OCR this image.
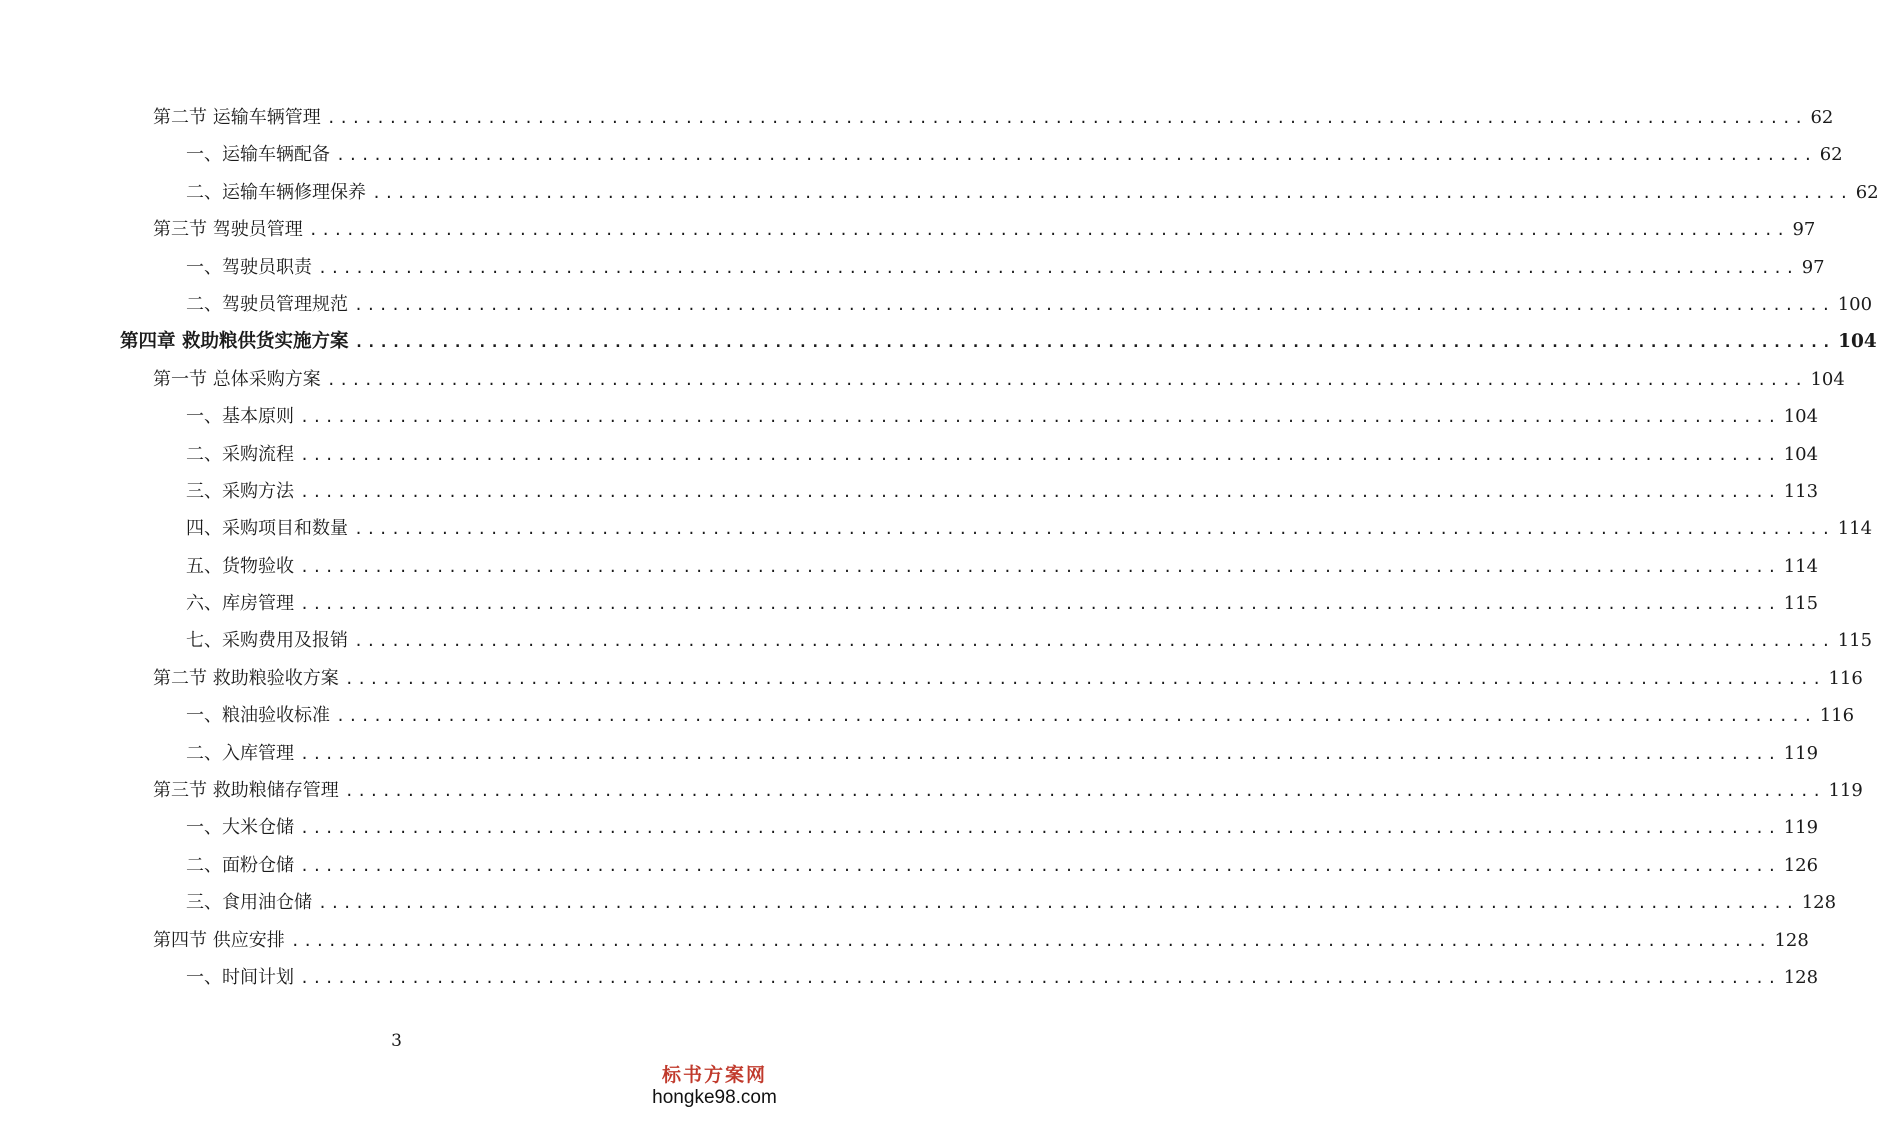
第二节 运输车辆管理 ........................................................................................................................ 62
一、运输车辆配备 ........................................................................................................................ 62
二、运输车辆修理保养 ........................................................................................................................ 62
第三节 驾驶员管理 ........................................................................................................................ 97
一、驾驶员职责 ........................................................................................................................ 97
二、驾驶员管理规范 ........................................................................................................................ 100
第四章 救助粮供货实施方案 ........................................................................................................................ 104
第一节 总体采购方案 ........................................................................................................................ 104
一、基本原则 ........................................................................................................................ 104
二、采购流程 ........................................................................................................................ 104
三、采购方法 ........................................................................................................................ 113
四、采购项目和数量 ........................................................................................................................ 114
五、货物验收 ........................................................................................................................ 114
六、库房管理 ........................................................................................................................ 115
七、采购费用及报销 ........................................................................................................................ 115
第二节 救助粮验收方案 ........................................................................................................................ 116
一、粮油验收标准 ........................................................................................................................ 116
二、入库管理 ........................................................................................................................ 119
第三节 救助粮储存管理 ........................................................................................................................ 119
一、大米仓储 ........................................................................................................................ 119
二、面粉仓储 ........................................................................................................................ 126
三、食用油仓储 ........................................................................................................................ 128
第四节 供应安排 ........................................................................................................................ 128
一、时间计划 ........................................................................................................................ 128
3
标书方案网
hongke98.com
